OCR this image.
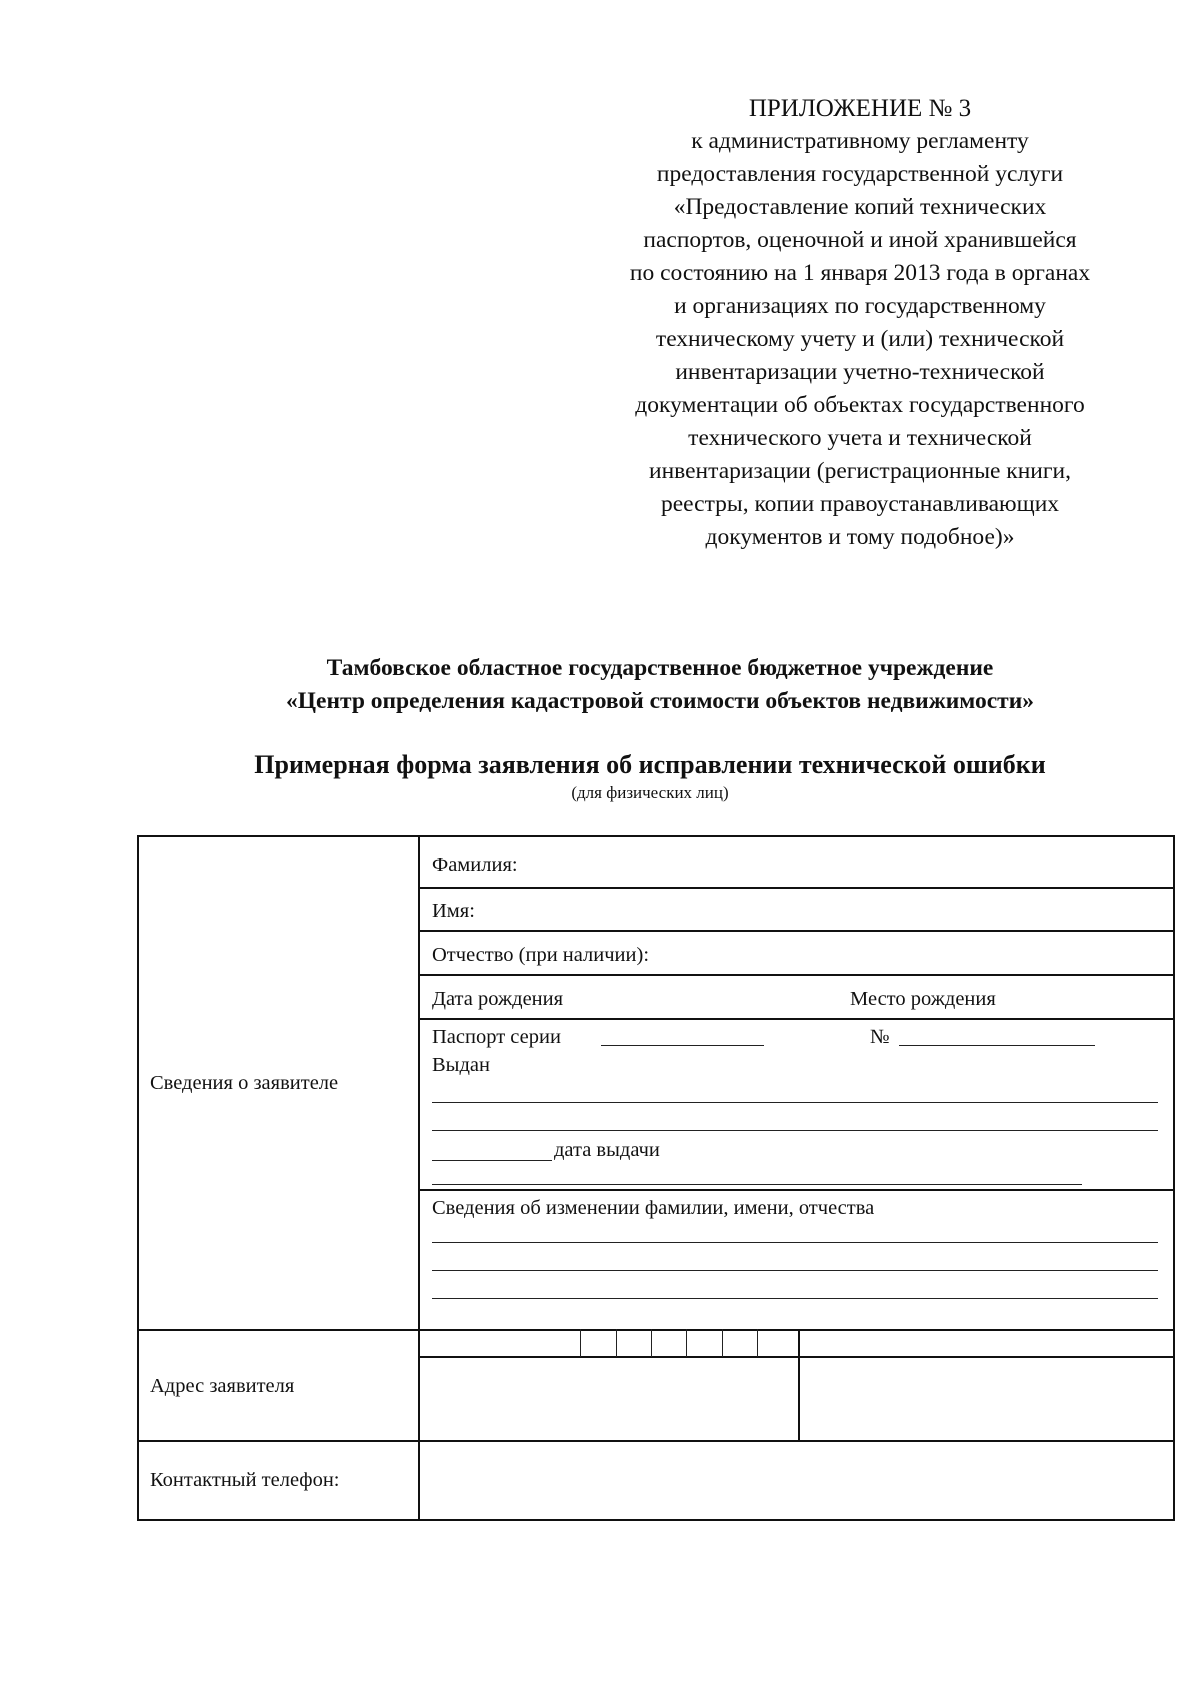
ПРИЛОЖЕНИЕ № 3
к административному регламенту
предоставления государственной услуги
«Предоставление копий технических
паспортов, оценочной и иной хранившейся
по состоянию на 1 января 2013 года в органах
и организациях по государственному
техническому учету и (или) технической
инвентаризации учетно-технической
документации об объектах государственного
технического учета и технической
инвентаризации (регистрационные книги,
реестры, копии правоустанавливающих
документов и тому подобное)»
Тамбовское областное государственное бюджетное учреждение
«Центр определения кадастровой стоимости объектов недвижимости»
Примерная форма заявления об исправлении технической ошибки
(для физических лиц)
Сведения о заявителе
Адрес заявителя
Контактный телефон:
Фамилия:
Имя:
Отчество (при наличии):
Дата рождения	Место рождения
Паспорт серии	№
Выдан
дата выдачи
Сведения об изменении фамилии, имени, отчества
